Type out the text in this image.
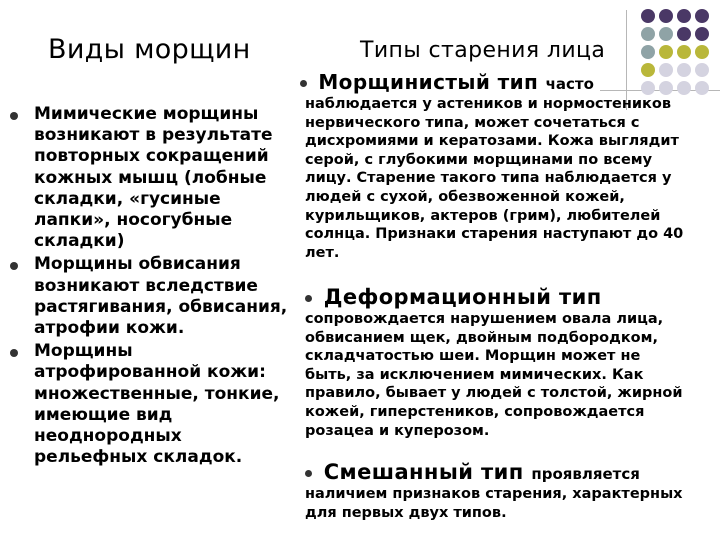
Виды морщин	Типы старения лица
Мимические морщины возникают в результате повторных сокращений кожных мышц (лобные складки, «гусиные лапки», носогубные складки)
Морщины обвисания возникают вследствие растягивания, обвисания, атрофии кожи.
Морщины атрофированной кожи: множественные, тонкие, имеющие вид неоднородных рельефных складок.
Морщинистый тип часто
наблюдается у астеников и нормостеников нервического типа, может сочетаться с дисхромиями и кератозами. Кожа выглядит серой, с глубокими морщинами по всему лицу. Старение такого типа наблюдается у людей с сухой, обезвоженной кожей, курильщиков, актеров (грим), любителей солнца. Признаки старения наступают до 40 лет.
Деформационный тип
сопровождается нарушением овала лица, обвисанием щек, двойным подбородком, складчатостью шеи. Морщин может не быть, за исключением мимических. Как правило, бывает у людей с толстой, жирной кожей, гиперстеников, сопровождается розацеа и куперозом.
Смешанный тип проявляется
наличием признаков старения, характерных для первых двух типов.
